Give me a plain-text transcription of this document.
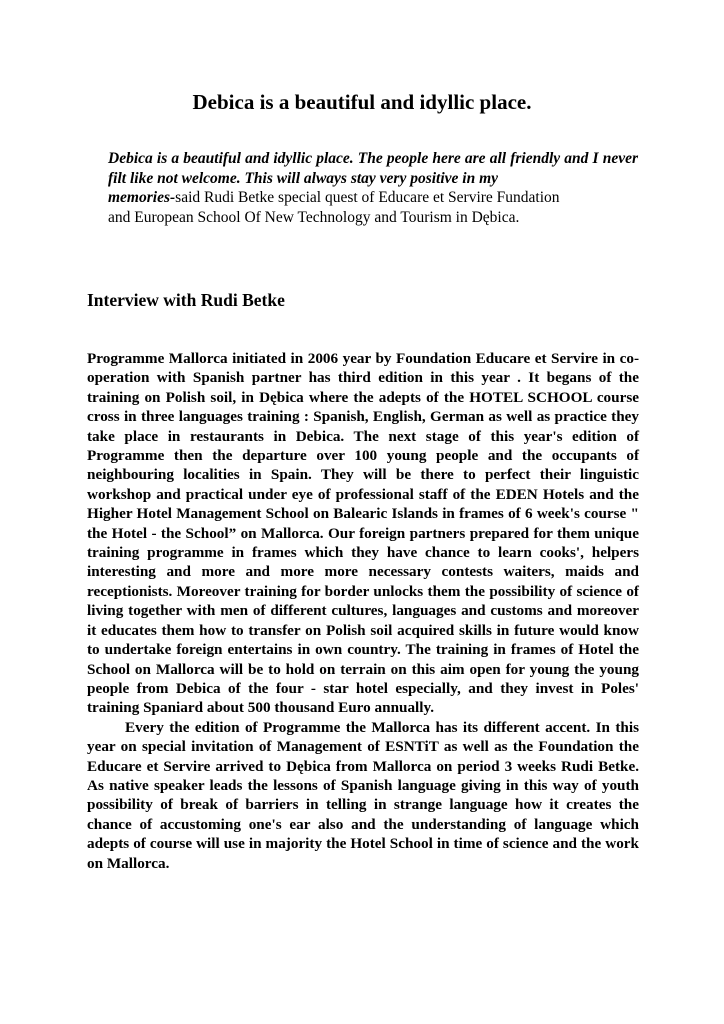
Debica is a beautiful and idyllic place.

Debica is a beautiful and idyllic place. The people here are all friendly and I never filt like not welcome. This will always stay very positive in my

memories-said Rudi Betke special quest of Educare et Servire Fundation
and European School Of New Technology and Tourism in Dębica.
Interview with Rudi Betke

Programme Mallorca initiated in 2006 year by Foundation Educare et Servire in co-operation with Spanish partner has third edition in this year . It begans of the training on Polish soil, in Dębica where the adepts of the HOTEL SCHOOL course cross in three languages training : Spanish, English, German as well as practice they take place in restaurants in Debica. The next stage of this year's edition of Programme then the departure over 100 young people and the occupants of neighbouring localities in Spain. They will be there to perfect their linguistic workshop and practical under eye of professional staff of the EDEN Hotels and the Higher Hotel Management School on Balearic Islands in frames of 6 week's course " the Hotel - the School” on Mallorca. Our foreign partners prepared for them unique training programme in frames which they have chance to learn cooks', helpers interesting and more and more more necessary contests waiters, maids and receptionists. Moreover training for border unlocks them the possibility of science of living together with men of different cultures, languages and customs and moreover it educates them how to transfer on Polish soil acquired skills in future would know to undertake foreign entertains in own country. The training in frames of Hotel the School on Mallorca will be to hold on terrain on this aim open for young the young people from Debica of the four - star hotel especially, and they invest in Poles' training Spaniard about 500 thousand Euro annually.

Every the edition of Programme the Mallorca has its different accent. In this year on special invitation of Management of ESNTiT as well as the Foundation the Educare et Servire arrived to Dębica from Mallorca on period 3 weeks Rudi Betke. As native speaker leads the lessons of Spanish language giving in this way of youth possibility of break of barriers in telling in strange language how it creates the chance of accustoming one's ear also and the understanding of language which adepts of course will use in majority the Hotel School in time of science and the work on Mallorca.
